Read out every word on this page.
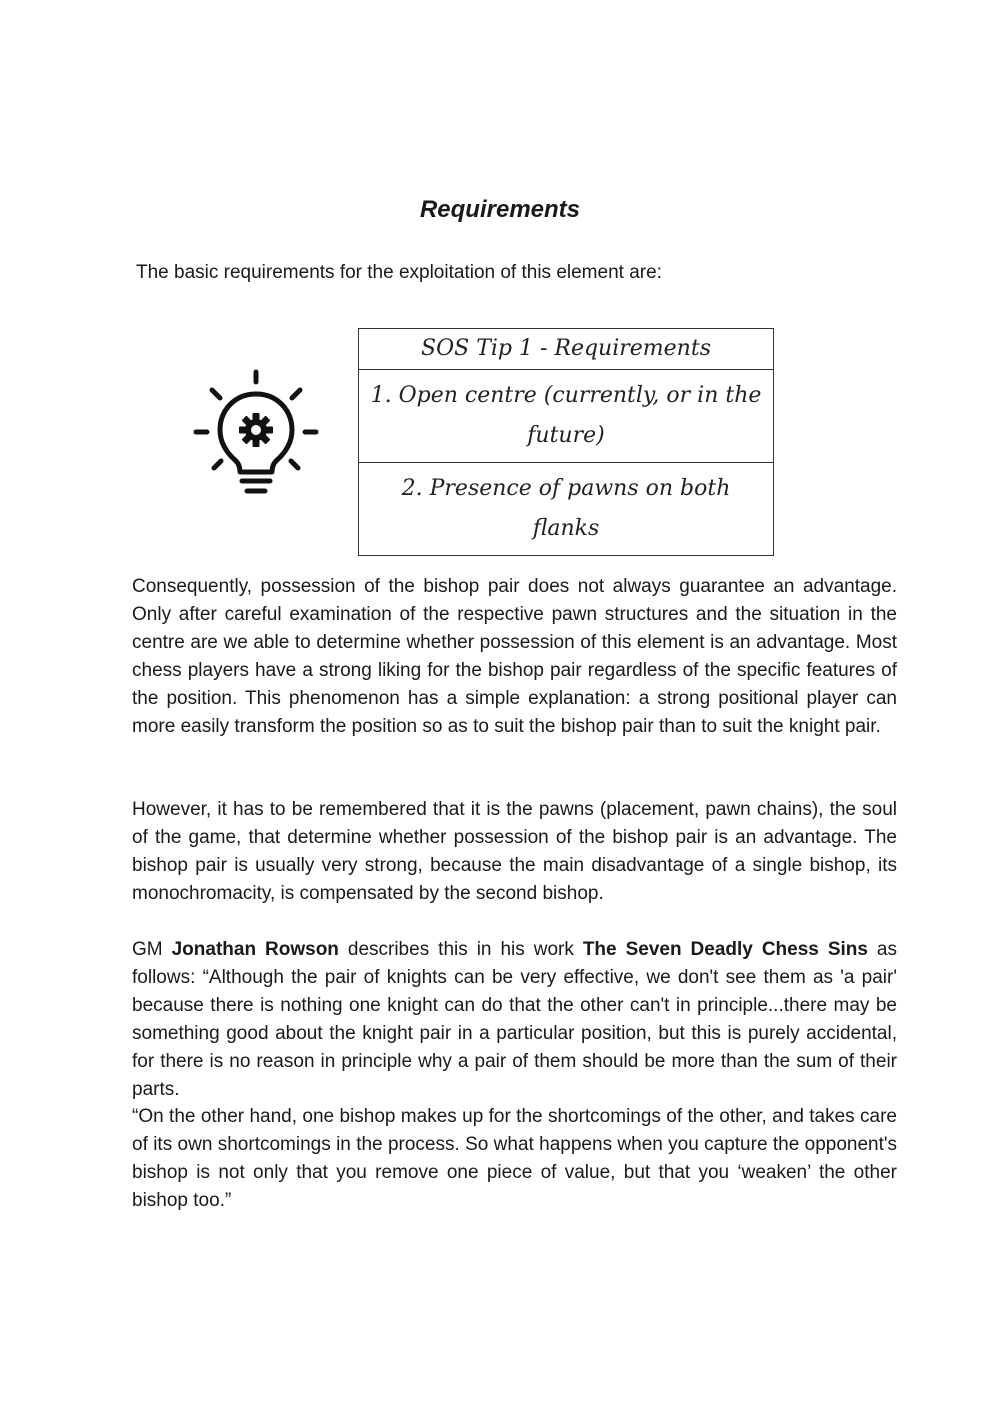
Requirements

The basic requirements for the exploitation of this element are:

SOS Tip 1 - Requirements
1. Open centre (currently, or in the future)
2. Presence of pawns on both flanks

Consequently, possession of the bishop pair does not always guarantee an advantage. Only after careful examination of the respective pawn structures and the situation in the centre are we able to determine whether possession of this element is an advantage. Most chess players have a strong liking for the bishop pair regardless of the specific features of the position. This phenomenon has a simple explanation: a strong positional player can more easily transform the position so as to suit the bishop pair than to suit the knight pair.

However, it has to be remembered that it is the pawns (placement, pawn chains), the soul of the game, that determine whether possession of the bishop pair is an advantage. The bishop pair is usually very strong, because the main disadvantage of a single bishop, its monochromacity, is compensated by the second bishop.

GM Jonathan Rowson describes this in his work The Seven Deadly Chess Sins as follows: “Although the pair of knights can be very effective, we don't see them as 'a pair' because there is nothing one knight can do that the other can't in principle...there may be something good about the knight pair in a particular position, but this is purely accidental, for there is no reason in principle why a pair of them should be more than the sum of their parts.

“On the other hand, one bishop makes up for the shortcomings of the other, and takes care of its own shortcomings in the process. So what happens when you capture the opponent's bishop is not only that you remove one piece of value, but that you ‘weaken’ the other bishop too.”
